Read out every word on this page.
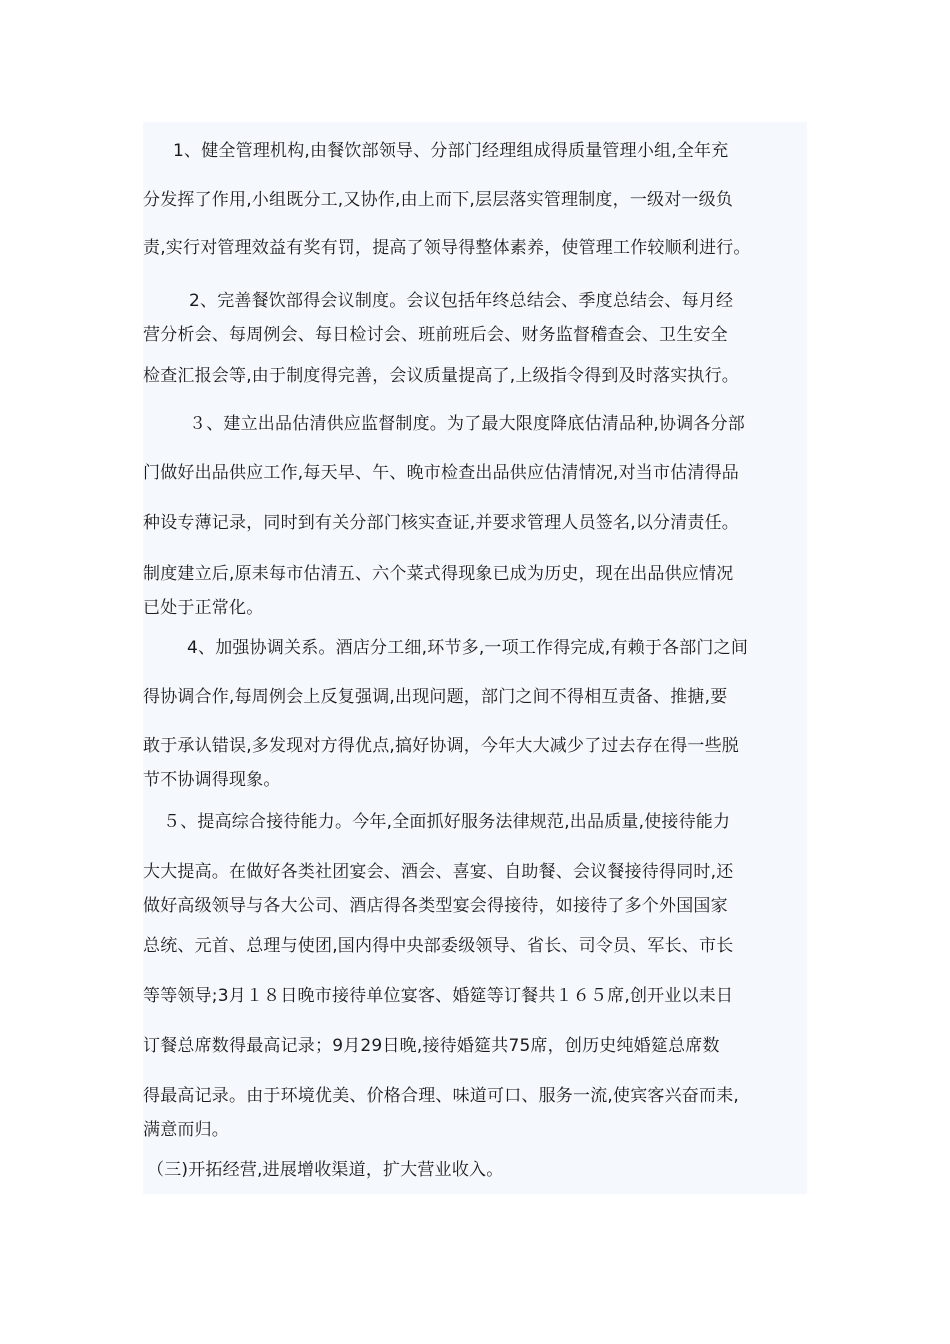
1、健全管理机构,由餐饮部领导、分部门经理组成得质量管理小组,全年充
分发挥了作用,小组既分工,又协作,由上而下,层层落实管理制度，一级对一级负
责,实行对管理效益有奖有罚，提高了领导得整体素养，使管理工作较顺利进行。
2、完善餐饮部得会议制度。会议包括年终总结会、季度总结会、每月经
营分析会、每周例会、每日检讨会、班前班后会、财务监督稽查会、卫生安全
检查汇报会等,由于制度得完善，会议质量提高了,上级指令得到及时落实执行。
３、建立出品估清供应监督制度。为了最大限度降底估清品种,协调各分部
门做好出品供应工作,每天早、午、晚市检查出品供应估清情况,对当市估清得品
种设专薄记录，同时到有关分部门核实查证,并要求管理人员签名,以分清责任。
制度建立后,原耒每市估清五、六个菜式得现象已成为历史，现在出品供应情况
已处于正常化。
4、加强协调关系。酒店分工细,环节多,一项工作得完成,有赖于各部门之间
得协调合作,每周例会上反复强调,出现问题，部门之间不得相互责备、推搪,要
敢于承认错误,多发现对方得优点,搞好协调，今年大大减少了过去存在得一些脱
节不协调得现象。
５、提高综合接待能力。今年,全面抓好服务法律规范,出品质量,使接待能力
大大提高。在做好各类社团宴会、酒会、喜宴、自助餐、会议餐接待得同时,还
做好高级领导与各大公司、酒店得各类型宴会得接待，如接待了多个外国国家
总统、元首、总理与使团,国内得中央部委级领导、省长、司令员、军长、市长
等等领导;3月１８日晚市接待单位宴客、婚筵等订餐共１６５席,创开业以耒日
订餐总席数得最高记录；9月29日晚,接待婚筵共75席，创历史纯婚筵总席数
得最高记录。由于环境优美、价格合理、味道可口、服务一流,使宾客兴奋而耒,
满意而归。
（三)开拓经营,进展增收渠道，扩大营业收入。
